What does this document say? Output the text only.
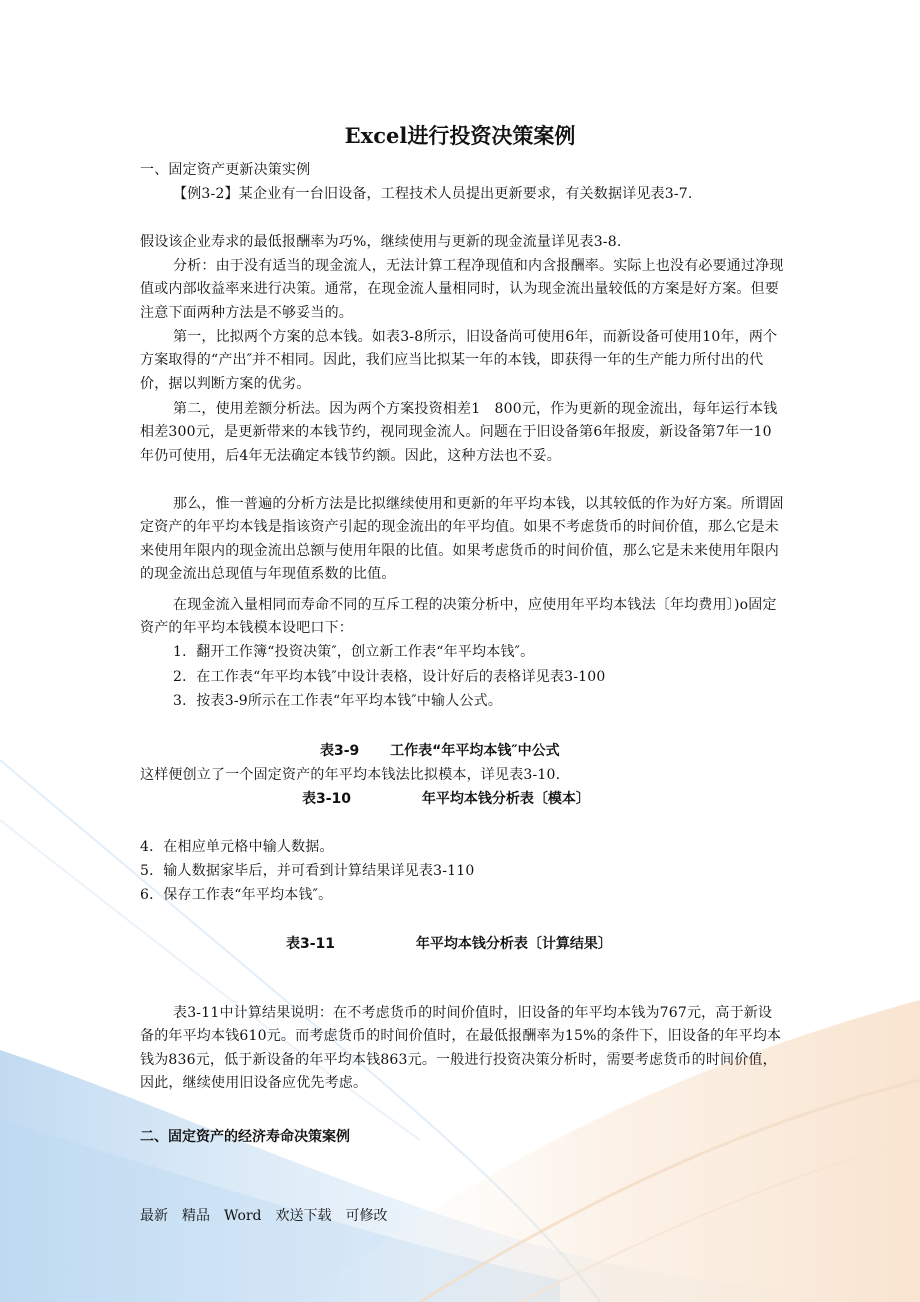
Excel进行投资决策案例
一、固定资产更新决策实例
【例3-2】某企业有一台旧设备，工程技术人员提出更新要求，有关数据详见表3-7.
假设该企业寿求的最低报酬率为巧%，继续使用与更新的现金流量详见表3-8.
分析：由于没有适当的现金流人，无法计算工程净现值和内含报酬率。实际上也没有必要通过净现值或内部收益率来进行决策。通常，在现金流人量相同时，认为现金流出量较低的方案是好方案。但要注意下面两种方法是不够妥当的。
第一，比拟两个方案的总本钱。如表3-8所示，旧设备尚可使用6年，而新设备可使用10年，两个方案取得的“产出″并不相同。因此，我们应当比拟某一年的本钱，即获得一年的生产能力所付出的代价，据以判断方案的优劣。
第二，使用差额分析法。因为两个方案投资相差1　800元，作为更新的现金流出，每年运行本钱相差300元，是更新带来的本钱节约，视同现金流人。问题在于旧设备第6年报废，新设备第7年一10年仍可使用，后4年无法确定本钱节约额。因此，这种方法也不妥。
那么，惟一普遍的分析方法是比拟继续使用和更新的年平均本钱，以其较低的作为好方案。所谓固定资产的年平均本钱是指该资产引起的现金流出的年平均值。如果不考虑货币的时间价值，那么它是未来使用年限内的现金流出总额与使用年限的比值。如果考虑货币的时间价值，那么它是未来使用年限内的现金流出总现值与年现值系数的比值。
在现金流入量相同而寿命不同的互斥工程的决策分析中，应使用年平均本钱法〔年均费用〕)o固定资产的年平均本钱模本设吧口下：
1．翻开工作簿“投资决策″，创立新工作表“年平均本钱″。
2．在工作表“年平均本钱″中设计表格，设计好后的表格详见表3-100
3．按表3-9所示在工作表“年平均本钱″中输人公式。
表3-9 工作表“年平均本钱″中公式
这样便创立了一个固定资产的年平均本钱法比拟模本，详见表3-10.
表3-10	年平均本钱分析表〔模本〕
4．在相应单元格中输人数据。
5．输人数据家毕后，并可看到计算结果详见表3-110
6．保存工作表“年平均本钱″。
表3-11	年平均本钱分析表〔计算结果〕
表3-11中计算结果说明：在不考虑货币的时间价值时，旧设备的年平均本钱为767元，高于新设备的年平均本钱610元。而考虑货币的时间价值时，在最低报酬率为15%的条件下，旧设备的年平均本钱为836元，低于新设备的年平均本钱863元。一般进行投资决策分析时，需要考虑货币的时间价值，因此，继续使用旧设备应优先考虑。
二、固定资产的经济寿命决策案例
最新 精品 Word 欢送下载 可修改
